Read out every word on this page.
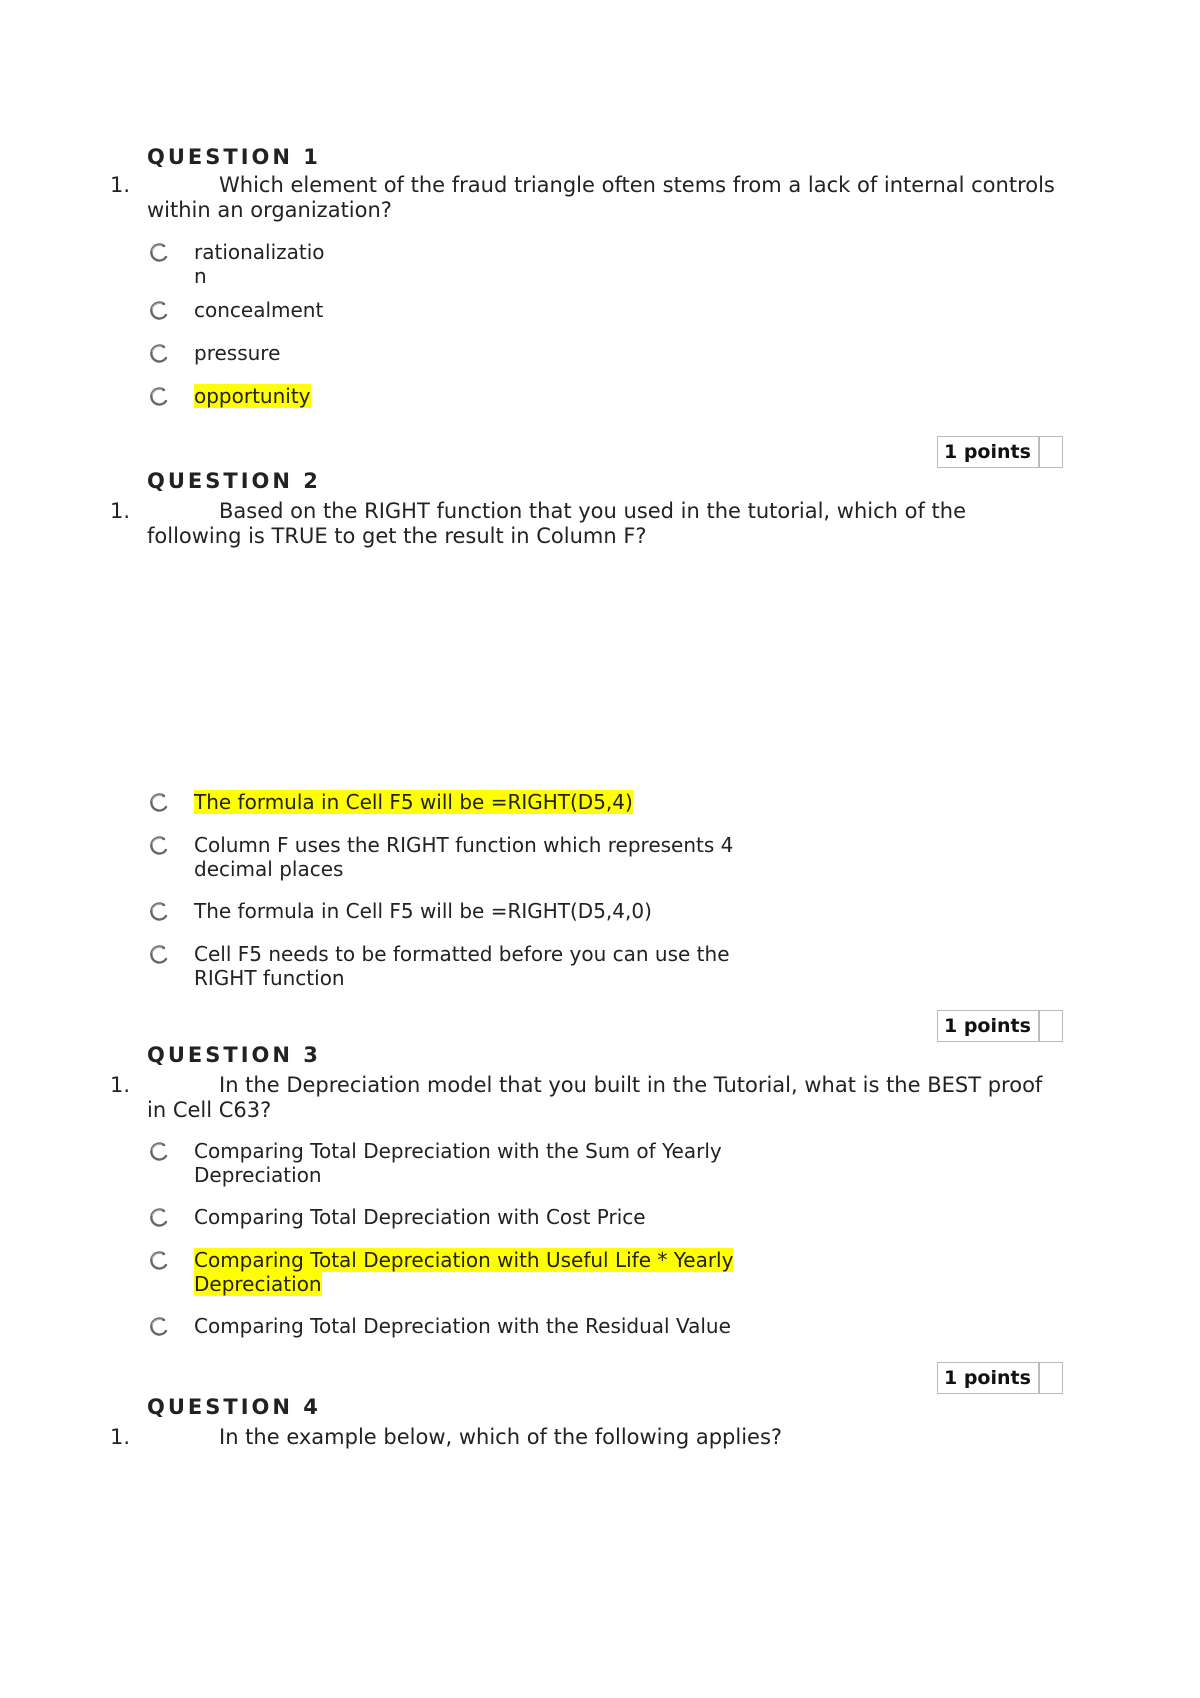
QUESTION 1
1.	Which element of the fraud triangle often stems from a lack of internal controls within an organization?
rationalizatio n
concealment
pressure
opportunity
1 points
QUESTION 2
1.	Based on the RIGHT function that you used in the tutorial, which of the following is TRUE to get the result in Column F?
The formula in Cell F5 will be =RIGHT(D5,4)
Column F uses the RIGHT function which represents 4 decimal places
The formula in Cell F5 will be =RIGHT(D5,4,0)
Cell F5 needs to be formatted before you can use the RIGHT function
1 points
QUESTION 3
1.	In the Depreciation model that you built in the Tutorial, what is the BEST proof in Cell C63?
Comparing Total Depreciation with the Sum of Yearly Depreciation
Comparing Total Depreciation with Cost Price
Comparing Total Depreciation with Useful Life * Yearly Depreciation
Comparing Total Depreciation with the Residual Value
1 points
QUESTION 4
1.	In the example below, which of the following applies?
